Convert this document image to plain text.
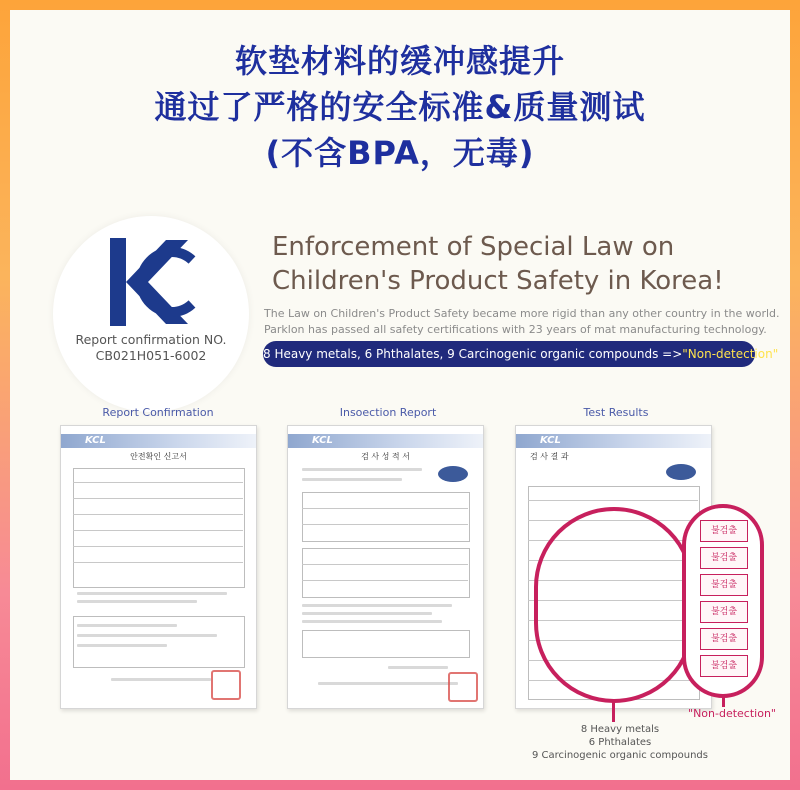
软垫材料的缓冲感提升
通过了严格的安全标准&质量测试
(不含BPA，无毒)
Report confirmation NO.
CB021H051-6002
Enforcement of Special Law on
Children's Product Safety in Korea!
The Law on Children's Product Safety became more rigid than any other country in the world.
Parklon has passed all safety certifications with 23 years of mat manufacturing technology.
8 Heavy metals, 6 Phthalates, 9 Carcinogenic organic compounds =>"Non-detection"
Report Confirmation
KCL
안전확인 신고서
Insoection Report
KCL
검 사 성 적 서
Test Results
KCL
검 사 결 과
불검출
불검출
불검출
불검출
불검출
불검출
"Non-detection"
8 Heavy metals
6 Phthalates
9 Carcinogenic organic compounds
